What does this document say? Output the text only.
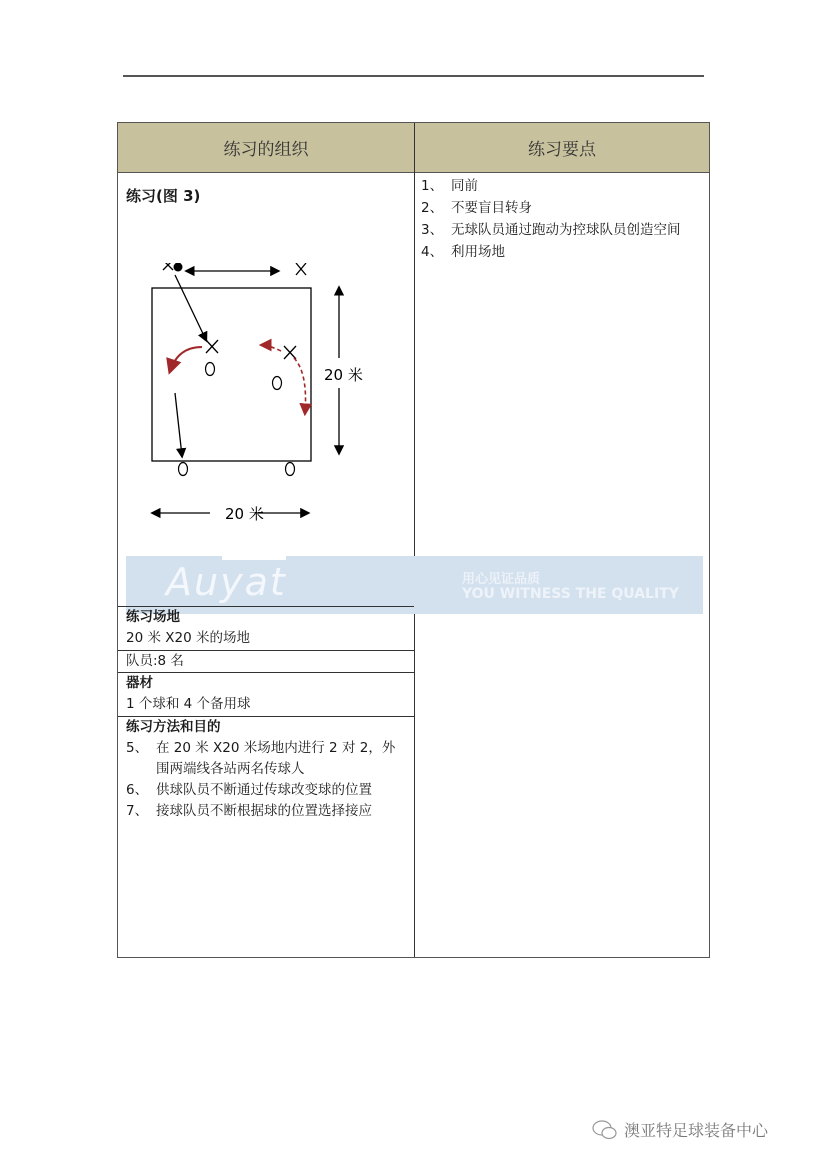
练习的组织	练习要点
1、 同前
2、 不要盲目转身
3、 无球队员通过跑动为控球队员创造空间
4、 利用场地
练习(图 3)
20 米
20 米
Auyat	用心见证品质
YOU WITNESS THE QUALITY
练习场地
20 米 X20 米的场地
队员:8 名
器材
1 个球和 4 个备用球
练习方法和目的
5、 在 20 米 X20 米场地内进行 2 对 2，外围两端线各站两名传球人
6、 供球队员不断通过传球改变球的位置
7、 接球队员不断根据球的位置选择接应
澳亚特足球装备中心
